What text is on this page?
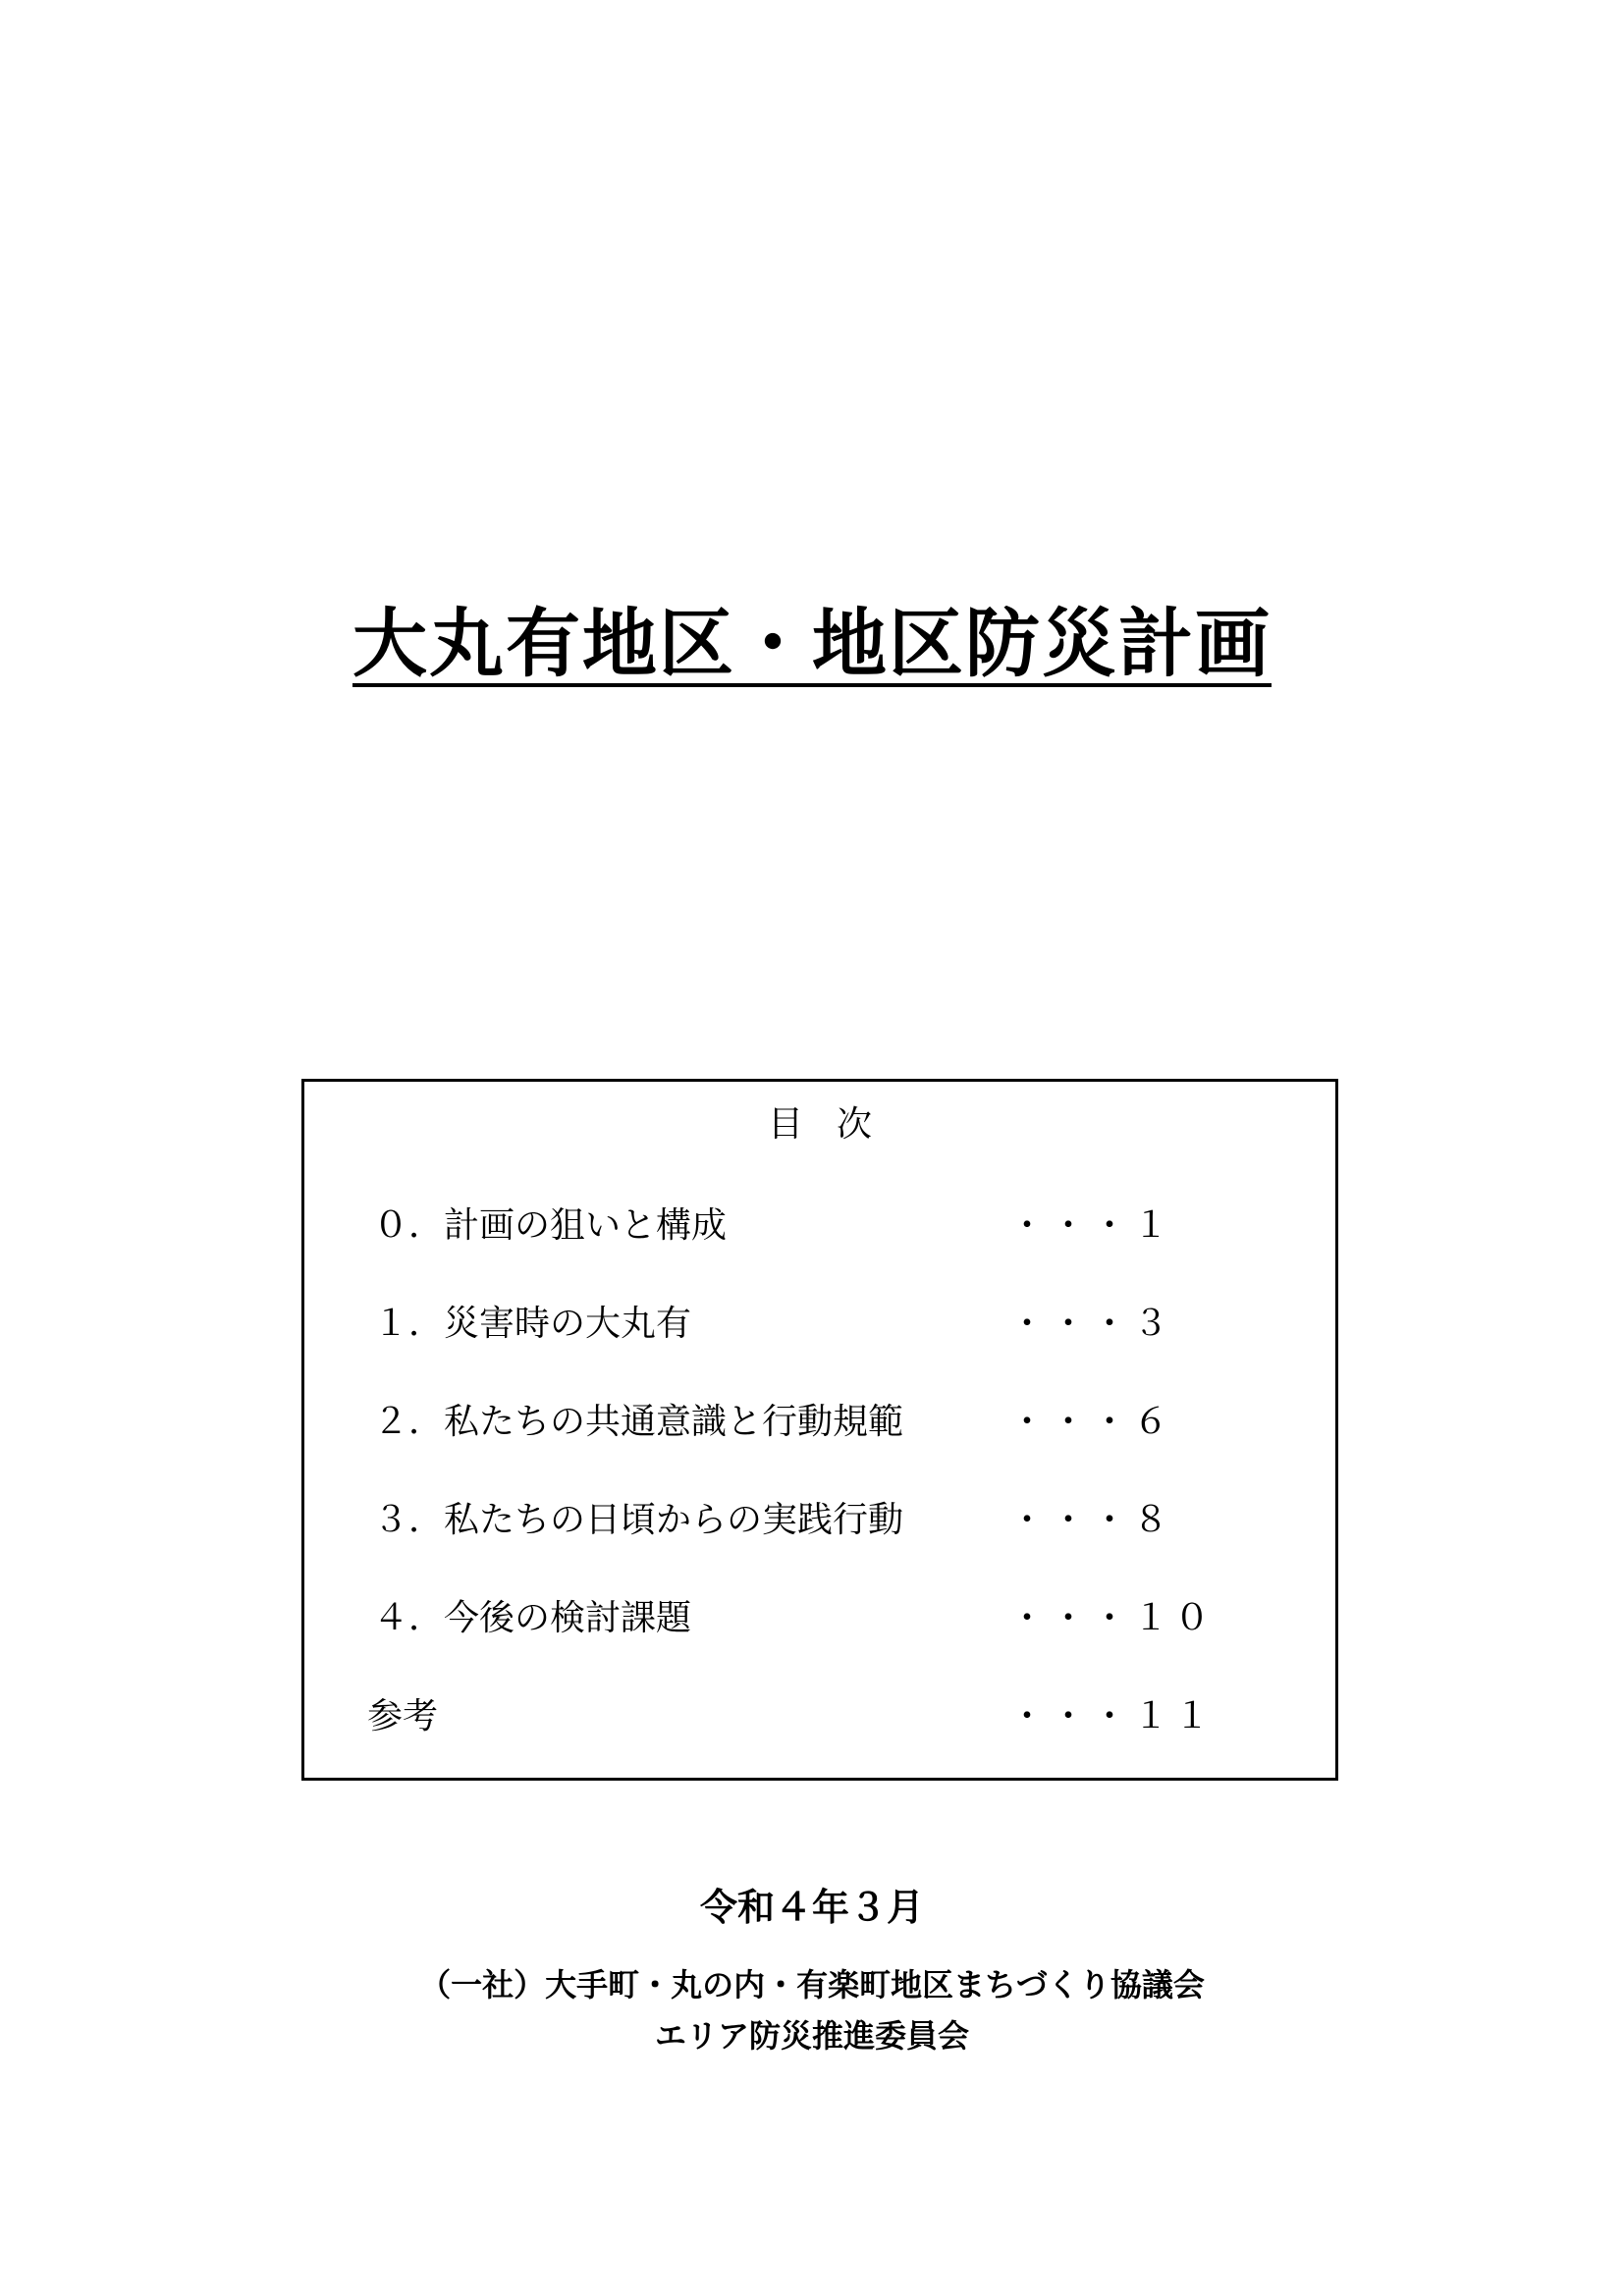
大丸有地区・地区防災計画
目次
０．計画の狙いと構成	・・・１
１．災害時の大丸有	・・・３
２．私たちの共通意識と行動規範	・・・６
３．私たちの日頃からの実践行動	・・・８
４．今後の検討課題	・・・１０
参考	・・・１１
令和４年３月
（一社）大手町・丸の内・有楽町地区まちづくり協議会
エリア防災推進委員会
